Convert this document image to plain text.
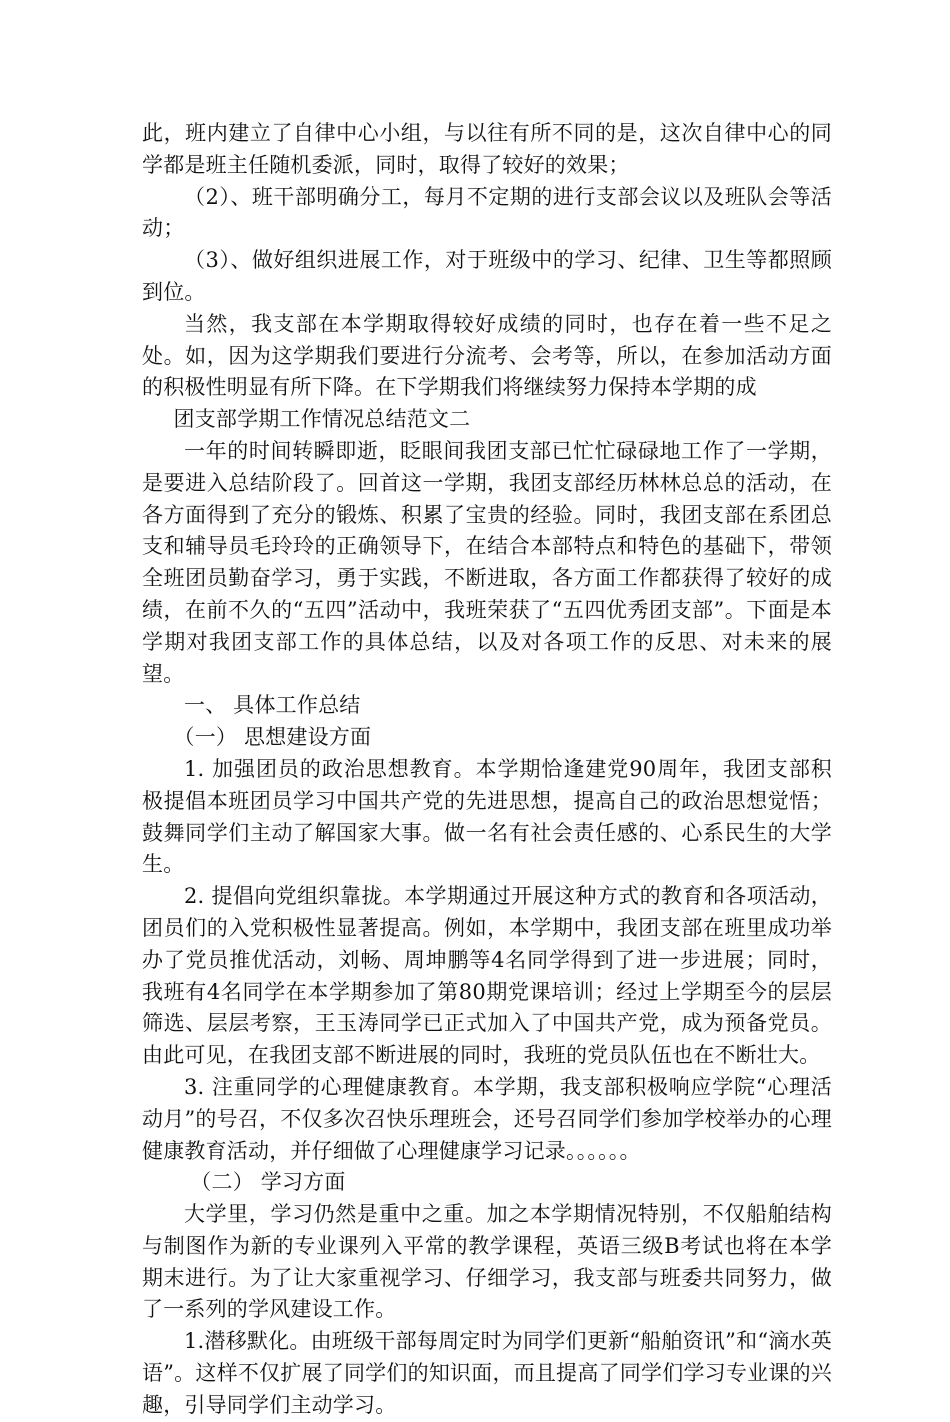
此，班内建立了自律中心小组，与以往有所不同的是，这次自律中心的同学都是班主任随机委派，同时，取得了较好的效果；

（2）、班干部明确分工，每月不定期的进行支部会议以及班队会等活动；

（3）、做好组织进展工作，对于班级中的学习、纪律、卫生等都照顾到位。

当然，我支部在本学期取得较好成绩的同时，也存在着一些不足之处。如，因为这学期我们要进行分流考、会考等，所以，在参加活动方面的积极性明显有所下降。在下学期我们将继续努力保持本学期的成

团支部学期工作情况总结范文二

一年的时间转瞬即逝，眨眼间我团支部已忙忙碌碌地工作了一学期，是要进入总结阶段了。回首这一学期，我团支部经历林林总总的活动，在各方面得到了充分的锻炼、积累了宝贵的经验。同时，我团支部在系团总支和辅导员毛玲玲的正确领导下，在结合本部特点和特色的基础下，带领全班团员勤奋学习，勇于实践，不断进取，各方面工作都获得了较好的成绩，在前不久的“五四”活动中，我班荣获了“五四优秀团支部”。下面是本学期对我团支部工作的具体总结，以及对各项工作的反思、对未来的展望。

一、 具体工作总结

（一） 思想建设方面

1. 加强团员的政治思想教育。本学期恰逢建党90周年，我团支部积极提倡本班团员学习中国共产党的先进思想，提高自己的政治思想觉悟；鼓舞同学们主动了解国家大事。做一名有社会责任感的、心系民生的大学生。

2. 提倡向党组织靠拢。本学期通过开展这种方式的教育和各项活动，团员们的入党积极性显著提高。例如，本学期中，我团支部在班里成功举办了党员推优活动，刘畅、周坤鹏等4名同学得到了进一步进展；同时，我班有4名同学在本学期参加了第80期党课培训；经过上学期至今的层层筛选、层层考察，王玉涛同学已正式加入了中国共产党，成为预备党员。由此可见，在我团支部不断进展的同时，我班的党员队伍也在不断壮大。

3. 注重同学的心理健康教育。本学期，我支部积极响应学院“心理活动月”的号召，不仅多次召快乐理班会，还号召同学们参加学校举办的心理健康教育活动，并仔细做了心理健康学习记录。。。。。。

（二） 学习方面

大学里，学习仍然是重中之重。加之本学期情况特别，不仅船舶结构与制图作为新的专业课列入平常的教学课程，英语三级B考试也将在本学期末进行。为了让大家重视学习、仔细学习，我支部与班委共同努力，做了一系列的学风建设工作。

1.潜移默化。由班级干部每周定时为同学们更新“船舶资讯”和“滴水英语”。这样不仅扩展了同学们的知识面，而且提高了同学们学习专业课的兴趣，引导同学们主动学习。
